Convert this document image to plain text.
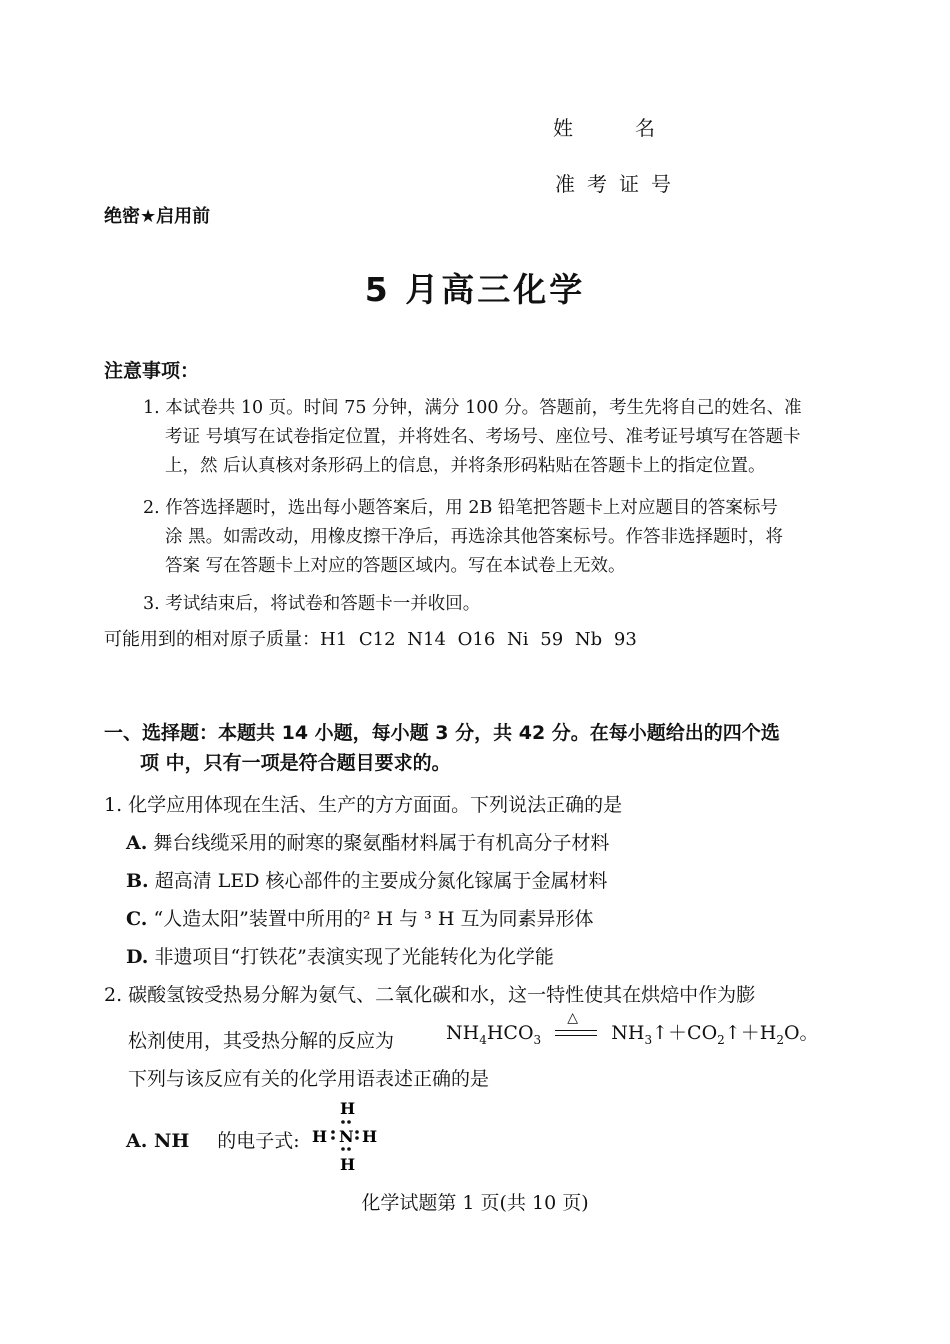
姓名
准考证号
绝密★启用前
5 月高三化学
注意事项：
1. 本试卷共 10 页。时间 75 分钟，满分 100 分。答题前，考生先将自己的姓名、准
考证 号填写在试卷指定位置，并将姓名、考场号、座位号、准考证号填写在答题卡
上，然 后认真核对条形码上的信息，并将条形码粘贴在答题卡上的指定位置。
2. 作答选择题时，选出每小题答案后，用 2B 铅笔把答题卡上对应题目的答案标号
涂 黑。如需改动，用橡皮擦干净后，再选涂其他答案标号。作答非选择题时，将
答案 写在答题卡上对应的答题区域内。写在本试卷上无效。
3. 考试结束后，将试卷和答题卡一并收回。
可能用到的相对原子质量：H1 C12 N14 O16 Ni 59 Nb 93
一、选择题：本题共 14 小题，每小题 3 分，共 42 分。在每小题给出的四个选
项 中，只有一项是符合题目要求的。
1. 化学应用体现在生活、生产的方方面面。下列说法正确的是
A. 舞台线缆采用的耐寒的聚氨酯材料属于有机高分子材料
B. 超高清 LED 核心部件的主要成分氮化镓属于金属材料
C. “人造太阳”装置中所用的² H 与 ³ H 互为同素异形体
D. 非遗项目“打铁花”表演实现了光能转化为化学能
2. 碳酸氢铵受热易分解为氨气、二氧化碳和水，这一特性使其在烘焙中作为膨
松剂使用，其受热分解的反应为	$NH_4HCO_3$
△
$NH_3↑+CO_2↑+H_2O$。
下列与该反应有关的化学用语表述正确的是
A. NH 的电子式:
H
H N H
H
化学试题第 1 页(共 10 页)
